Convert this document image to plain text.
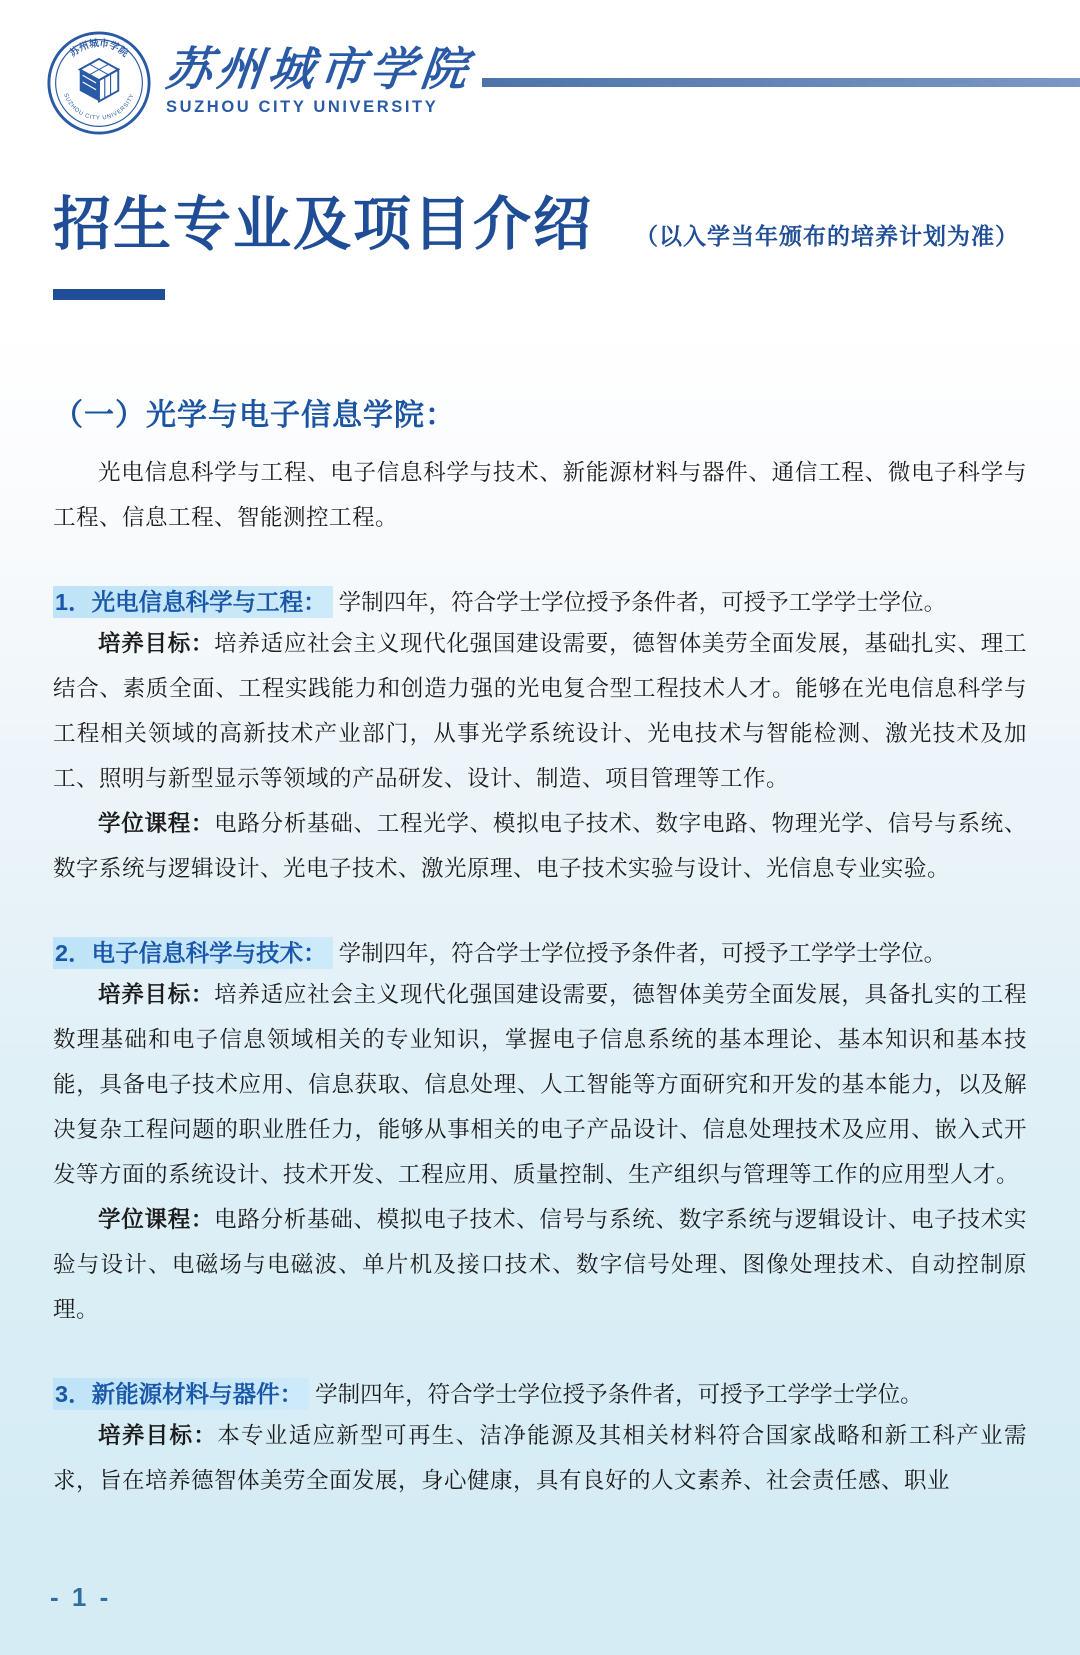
苏州城市学院
SUZHOU CITY UNIVERSITY 苏州城市学院
SUZHOU CITY UNIVERSITY
招生专业及项目介绍 （以入学当年颁布的培养计划为准）
（一）光学与电子信息学院：

光电信息科学与工程、电子信息科学与技术、新能源材料与器件、通信工程、微电子科学与工程、信息工程、智能测控工程。

1．光电信息科学与工程： 学制四年，符合学士学位授予条件者，可授予工学学士学位。

培养目标：培养适应社会主义现代化强国建设需要，德智体美劳全面发展，基础扎实、理工结合、素质全面、工程实践能力和创造力强的光电复合型工程技术人才。能够在光电信息科学与工程相关领域的高新技术产业部门，从事光学系统设计、光电技术与智能检测、激光技术及加工、照明与新型显示等领域的产品研发、设计、制造、项目管理等工作。

学位课程：电路分析基础、工程光学、模拟电子技术、数字电路、物理光学、信号与系统、数字系统与逻辑设计、光电子技术、激光原理、电子技术实验与设计、光信息专业实验。

2．电子信息科学与技术： 学制四年，符合学士学位授予条件者，可授予工学学士学位。

培养目标：培养适应社会主义现代化强国建设需要，德智体美劳全面发展，具备扎实的工程数理基础和电子信息领域相关的专业知识，掌握电子信息系统的基本理论、基本知识和基本技能，具备电子技术应用、信息获取、信息处理、人工智能等方面研究和开发的基本能力，以及解决复杂工程问题的职业胜任力，能够从事相关的电子产品设计、信息处理技术及应用、嵌入式开发等方面的系统设计、技术开发、工程应用、质量控制、生产组织与管理等工作的应用型人才。

学位课程：电路分析基础、模拟电子技术、信号与系统、数字系统与逻辑设计、电子技术实验与设计、电磁场与电磁波、单片机及接口技术、数字信号处理、图像处理技术、自动控制原理。

3．新能源材料与器件： 学制四年，符合学士学位授予条件者，可授予工学学士学位。

培养目标：本专业适应新型可再生、洁净能源及其相关材料符合国家战略和新工科产业需求，旨在培养德智体美劳全面发展，身心健康，具有良好的人文素养、社会责任感、职业

- 1 -
